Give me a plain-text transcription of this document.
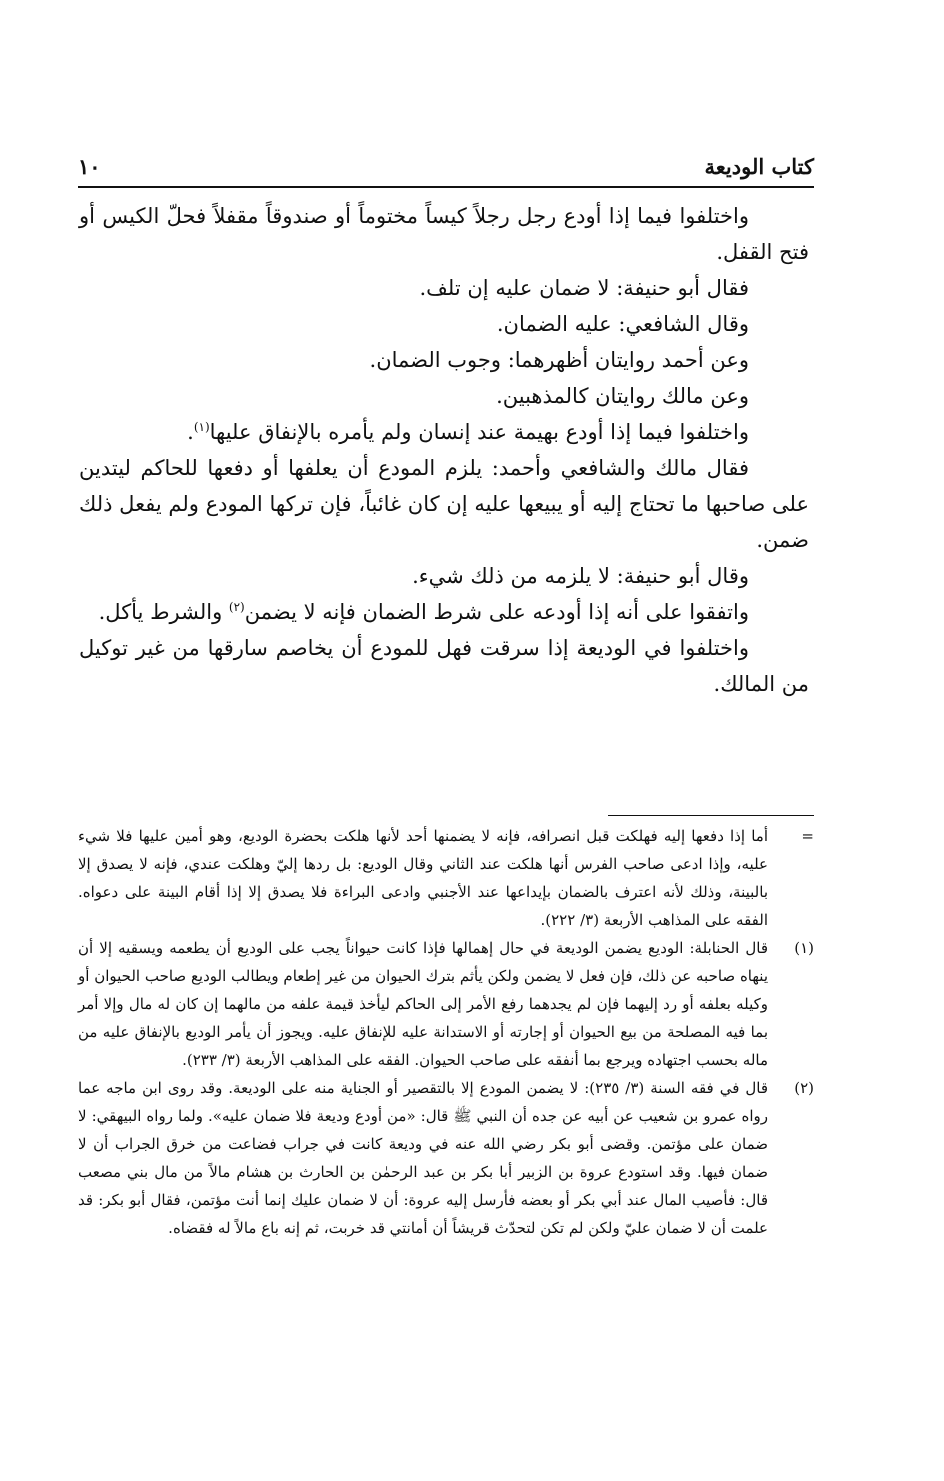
كتاب الوديعة
١٠

واختلفوا فيما إذا أودع رجل رجلاً كيساً مختوماً أو صندوقاً مقفلاً فحلّ الكيس أو فتح القفل.

فقال أبو حنيفة: لا ضمان عليه إن تلف.

وقال الشافعي: عليه الضمان.

وعن أحمد روايتان أظهرهما: وجوب الضمان.

وعن مالك روايتان كالمذهبين.

واختلفوا فيما إذا أودع بهيمة عند إنسان ولم يأمره بالإنفاق عليها$^{(١)}$.

فقال مالك والشافعي وأحمد: يلزم المودع أن يعلفها أو دفعها للحاكم ليتدين على صاحبها ما تحتاج إليه أو يبيعها عليه إن كان غائباً، فإن تركها المودع ولم يفعل ذلك ضمن.

وقال أبو حنيفة: لا يلزمه من ذلك شيء.

واتفقوا على أنه إذا أودعه على شرط الضمان فإنه لا يضمن$^{(٢)}$ والشرط يأكل.

واختلفوا في الوديعة إذا سرقت فهل للمودع أن يخاصم سارقها من غير توكيل من المالك.

=
أما إذا دفعها إليه فهلكت قبل انصرافه، فإنه لا يضمنها أحد لأنها هلكت بحضرة الوديع، وهو أمين عليها فلا شيء عليه، وإذا ادعى صاحب الفرس أنها هلكت عند الثاني وقال الوديع: بل ردها إليّ وهلكت عندي، فإنه لا يصدق إلا بالبينة، وذلك لأنه اعترف بالضمان بإيداعها عند الأجنبي وادعى البراءة فلا يصدق إلا إذا أقام البينة على دعواه. الفقه على المذاهب الأربعة (٣/ ٢٢٢).
(١)
قال الحنابلة: الوديع يضمن الوديعة في حال إهمالها فإذا كانت حيواناً يجب على الوديع أن يطعمه ويسقيه إلا أن ينهاه صاحبه عن ذلك، فإن فعل لا يضمن ولكن يأثم بترك الحيوان من غير إطعام ويطالب الوديع صاحب الحيوان أو وكيله بعلفه أو رد إليهما فإن لم يجدهما رفع الأمر إلى الحاكم ليأخذ قيمة علفه من مالهما إن كان له مال وإلا أمر بما فيه المصلحة من بيع الحيوان أو إجارته أو الاستدانة عليه للإنفاق عليه. ويجوز أن يأمر الوديع بالإنفاق عليه من ماله بحسب اجتهاده ويرجع بما أنفقه على صاحب الحيوان. الفقه على المذاهب الأربعة (٣/ ٢٣٣).
(٢)
قال في فقه السنة (٣/ ٢٣٥): لا يضمن المودع إلا بالتقصير أو الجناية منه على الوديعة. وقد روى ابن ماجه عما رواه عمرو بن شعيب عن أبيه عن جده أن النبي ﷺ قال: «من أودع وديعة فلا ضمان عليه». ولما رواه البيهقي: لا ضمان على مؤتمن. وقضى أبو بكر رضي الله عنه في وديعة كانت في جراب فضاعت من خرق الجراب أن لا ضمان فيها. وقد استودع عروة بن الزبير أبا بكر بن عبد الرحمٰن بن الحارث بن هشام مالاً من مال بني مصعب قال: فأصيب المال عند أبي بكر أو بعضه فأرسل إليه عروة: أن لا ضمان عليك إنما أنت مؤتمن، فقال أبو بكر: قد علمت أن لا ضمان عليّ ولكن لم تكن لتحدّث قريشاً أن أمانتي قد خربت، ثم إنه باع مالاً له فقضاه.
